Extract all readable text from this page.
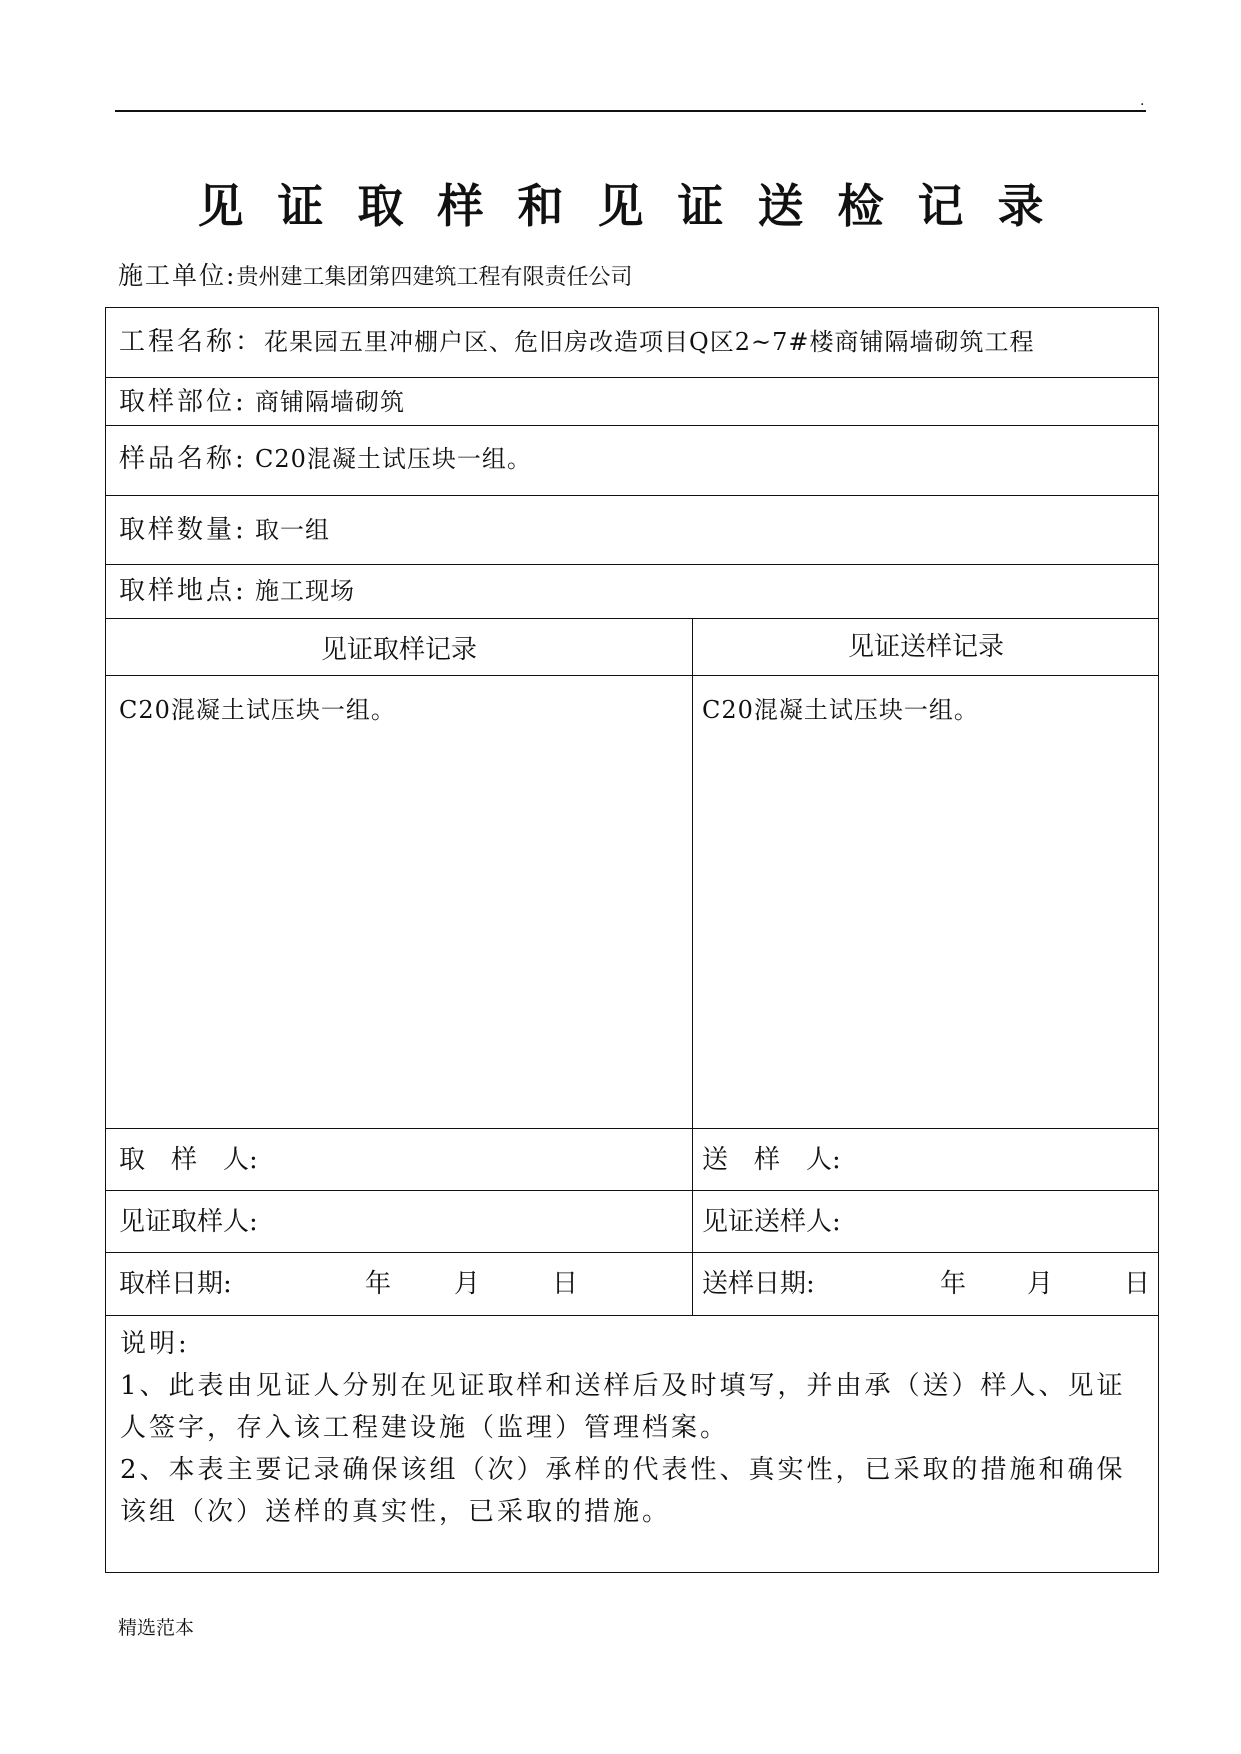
.
见证取样和见证送检记录
施工单位:贵州建工集团第四建筑工程有限责任公司
工程名称：花果园五里冲棚户区、危旧房改造项目Q区2~7#楼商铺隔墙砌筑工程
取样部位: 商铺隔墙砌筑
样品名称: C20混凝土试压块一组。
取样数量: 取一组
取样地点: 施工现场
见证取样记录	见证送样记录
C20混凝土试压块一组。	C20混凝土试压块一组。
取　样　人:	送　样　人:
见证取样人:	见证送样人:
取样日期:	年 月	日	送样日期:	年 月	日

说明:

1、此表由见证人分别在见证取样和送样后及时填写，并由承（送）样人、见证人签字，存入该工程建设施（监理）管理档案。

2、本表主要记录确保该组（次）承样的代表性、真实性，已采取的措施和确保该组（次）送样的真实性，已采取的措施。

精选范本
